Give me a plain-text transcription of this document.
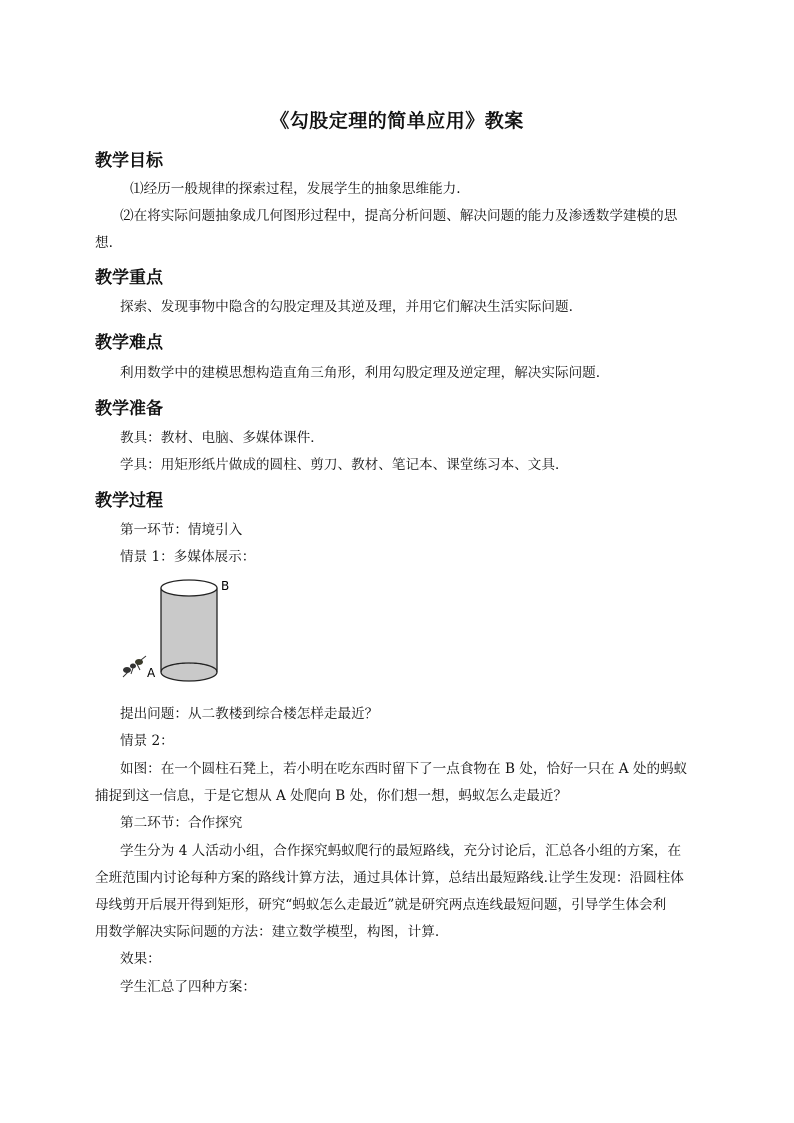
《勾股定理的简单应用》教案
教学目标
⑴经历一般规律的探索过程，发展学生的抽象思维能力.
⑵在将实际问题抽象成几何图形过程中，提高分析问题、解决问题的能力及渗透数学建模的思
想.
教学重点
探索、发现事物中隐含的勾股定理及其逆及理，并用它们解决生活实际问题.
教学难点
利用数学中的建模思想构造直角三角形，利用勾股定理及逆定理，解决实际问题.
教学准备
教具：教材、电脑、多媒体课件．
学具：用矩形纸片做成的圆柱、剪刀、教材、笔记本、课堂练习本、文具．
教学过程
第一环节：情境引入
情景 1：多媒体展示：
A
B
提出问题：从二教楼到综合楼怎样走最近？
情景 2：
如图：在一个圆柱石凳上，若小明在吃东西时留下了一点食物在 B 处，恰好一只在 A 处的蚂蚁
捕捉到这一信息，于是它想从 A 处爬向 B 处，你们想一想，蚂蚁怎么走最近？
第二环节：合作探究
学生分为 4 人活动小组，合作探究蚂蚁爬行的最短路线，充分讨论后，汇总各小组的方案，在
全班范围内讨论每种方案的路线计算方法，通过具体计算，总结出最短路线.让学生发现：沿圆柱体
母线剪开后展开得到矩形，研究“蚂蚁怎么走最近”就是研究两点连线最短问题，引导学生体会利
用数学解决实际问题的方法：建立数学模型，构图，计算.
效果：
学生汇总了四种方案：
